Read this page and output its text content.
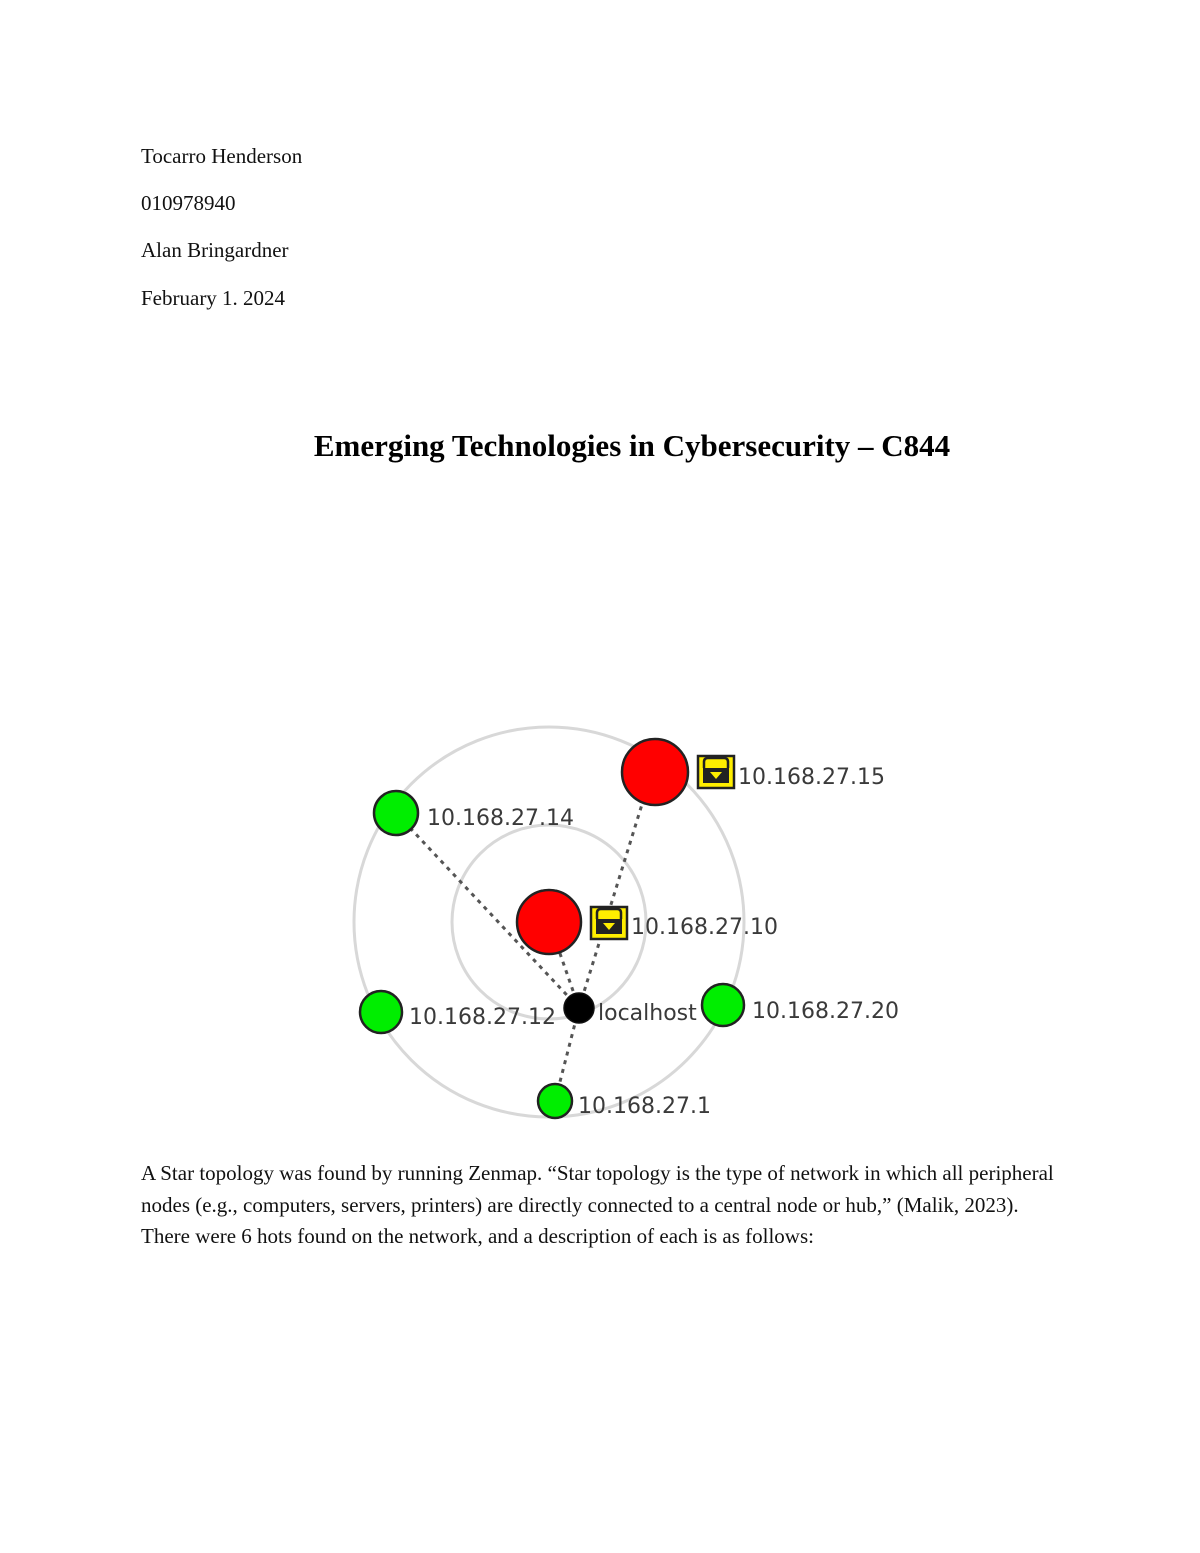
Tocarro Henderson
010978940
Alan Bringardner
February 1. 2024
Emerging Technologies in Cybersecurity – C844
10.168.27.15
10.168.27.14
10.168.27.10
10.168.27.12 localhost	10.168.27.20
10.168.27.1
A Star topology was found by running Zenmap. “Star topology is the type of network in which all peripheral nodes (e.g., computers, servers, printers) are directly connected to a central node or hub,” (Malik, 2023). There were 6 hots found on the network, and a description of each is as follows:
